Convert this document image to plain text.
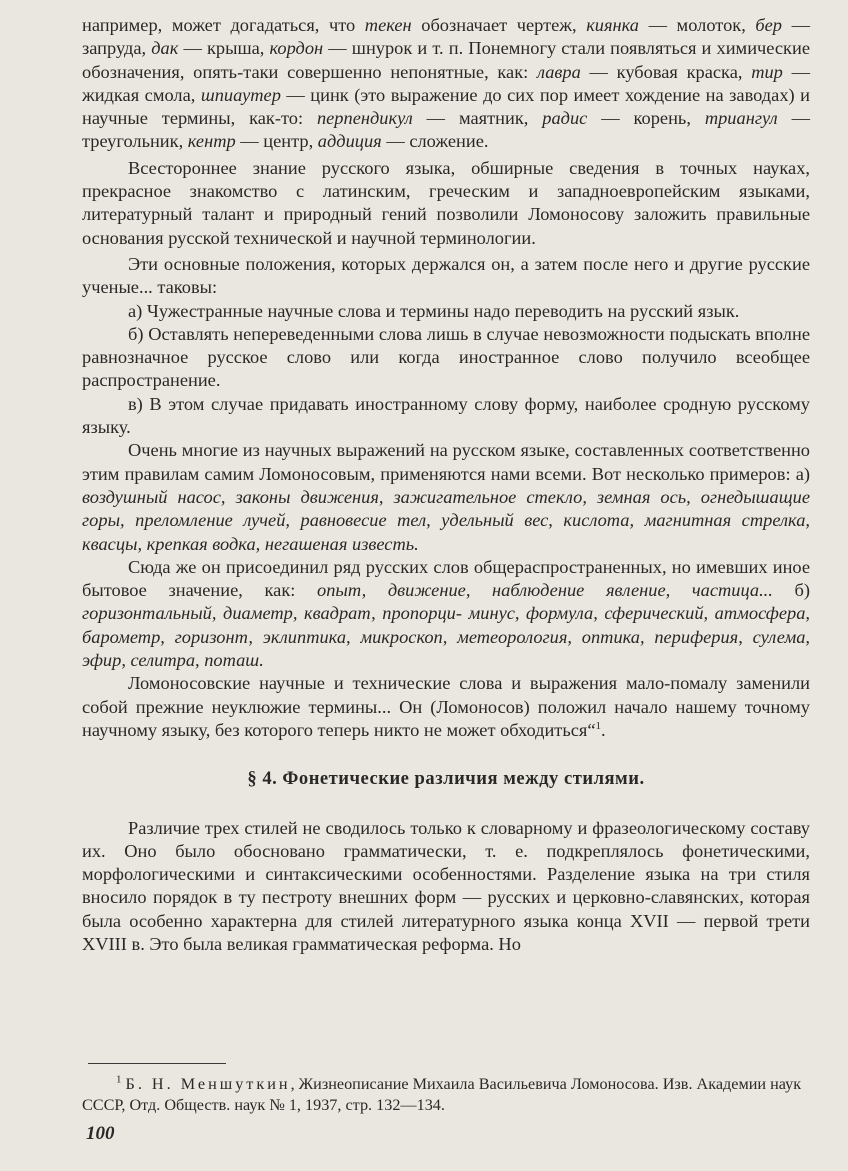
например, может догадаться, что текен обозначает чертеж, киянка — молоток, бер — запруда, дак — крыша, кордон — шнурок и т. п. Понемногу стали появляться и химические обозначения, опять-таки совершенно непонятные, как: лавра — кубовая краска, тир — жидкая смола, шпиаутер — цинк (это выражение до сих пор имеет хождение на заводах) и научные термины, как-то: перпендикул — маятник, радис — корень, триангул — треугольник, кентр — центр, аддиция — сложение.

Всестороннее знание русского языка, обширные сведения в точных науках, прекрасное знакомство с латинским, греческим и западноевропейским языками, литературный талант и природный гений позволили Ломоносову заложить правильные основания русской технической и научной терминологии.

Эти основные положения, которых держался он, а затем после него и другие русские ученые... таковы:

а) Чужестранные научные слова и термины надо переводить на русский язык.

б) Оставлять непереведенными слова лишь в случае невозможности подыскать вполне равнозначное русское слово или когда иностранное слово получило всеобщее распространение.

в) В этом случае придавать иностранному слову форму, наиболее сродную русскому языку.

Очень многие из научных выражений на русском языке, составленных соответственно этим правилам самим Ломоносовым, применяются нами всеми. Вот несколько примеров: а) воздушный насос, законы движения, зажигательное стекло, земная ось, огнедышащие горы, преломление лучей, равновесие тел, удельный вес, кислота, магнитная стрелка, квасцы, крепкая водка, негашеная известь.

Сюда же он присоединил ряд русских слов общераспространенных, но имевших иное бытовое значение, как: опыт, движение, наблюдение явление, частица... б) горизонтальный, диаметр, квадрат, пропорци- минус, формула, сферический, атмосфера, барометр, горизонт, эклиптика, микроскоп, метеорология, оптика, периферия, сулема, эфир, селитра, поташ.

Ломоносовские научные и технические слова и выражения мало-помалу заменили собой прежние неуклюжие термины... Он (Ломоносов) положил начало нашему точному научному языку, без которого теперь никто не может обходиться“$^1$.

§ 4. Фонетические различия между стилями.

Различие трех стилей не сводилось только к словарному и фразеологическому составу их. Оно было обосновано грамматически, т. е. подкреплялось фонетическими, морфологическими и синтаксическими особенностями. Разделение языка на три стиля вносило порядок в ту пестроту внешних форм — русских и церковно-славянских, которая была особенно характерна для стилей литературного языка конца XVII — первой трети XVIII в. Это была великая грамматическая реформа. Но

$^1$ Б. Н. Меншуткин, Жизнеописание Михаила Васильевича Ломоносова. Изв. Академии наук СССР, Отд. Обществ. наук № 1, 1937, стр. 132—134.

100
